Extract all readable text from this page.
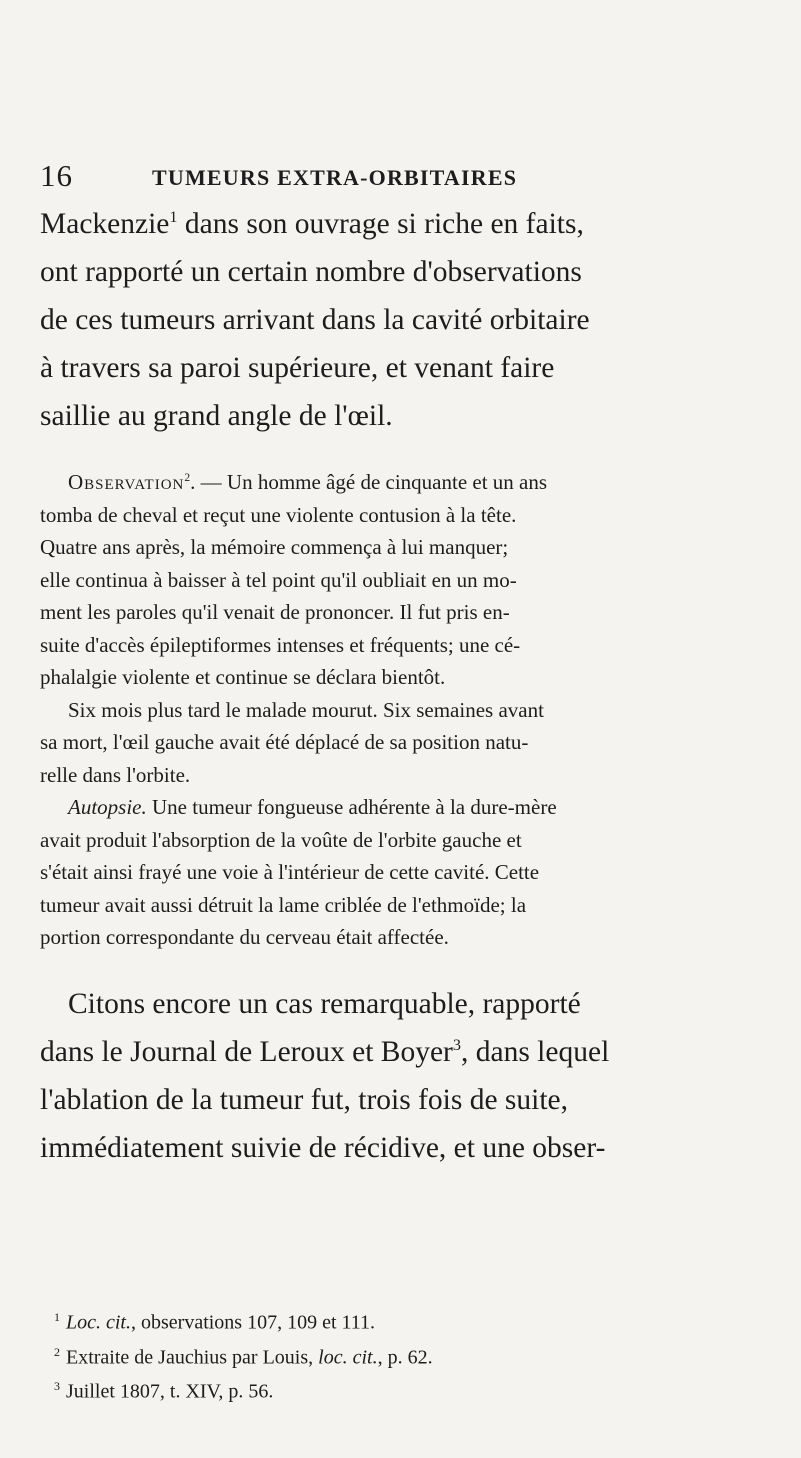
16	TUMEURS EXTRA-ORBITAIRES

Mackenzie$^1$ dans son ouvrage si riche en faits,
ont rapporté un certain nombre d'observations
de ces tumeurs arrivant dans la cavité orbitaire
à travers sa paroi supérieure, et venant faire
saillie au grand angle de l'œil.

Observation$^2$. — Un homme âgé de cinquante et un ans
tomba de cheval et reçut une violente contusion à la tête.
Quatre ans après, la mémoire commença à lui manquer;
elle continua à baisser à tel point qu'il oubliait en un mo-
ment les paroles qu'il venait de prononcer. Il fut pris en-
suite d'accès épileptiformes intenses et fréquents; une cé-
phalalgie violente et continue se déclara bientôt.
Six mois plus tard le malade mourut. Six semaines avant
sa mort, l'œil gauche avait été déplacé de sa position natu-
relle dans l'orbite.
Autopsie. Une tumeur fongueuse adhérente à la dure-mère
avait produit l'absorption de la voûte de l'orbite gauche et
s'était ainsi frayé une voie à l'intérieur de cette cavité. Cette
tumeur avait aussi détruit la lame criblée de l'ethmoïde; la
portion correspondante du cerveau était affectée.

Citons encore un cas remarquable, rapporté
dans le Journal de Leroux et Boyer$^3$, dans lequel
l'ablation de la tumeur fut, trois fois de suite,
immédiatement suivie de récidive, et une obser-

$^1$ Loc. cit., observations 107, 109 et 111.
$^2$ Extraite de Jauchius par Louis, loc. cit., p. 62.
$^3$ Juillet 1807, t. XIV, p. 56.
